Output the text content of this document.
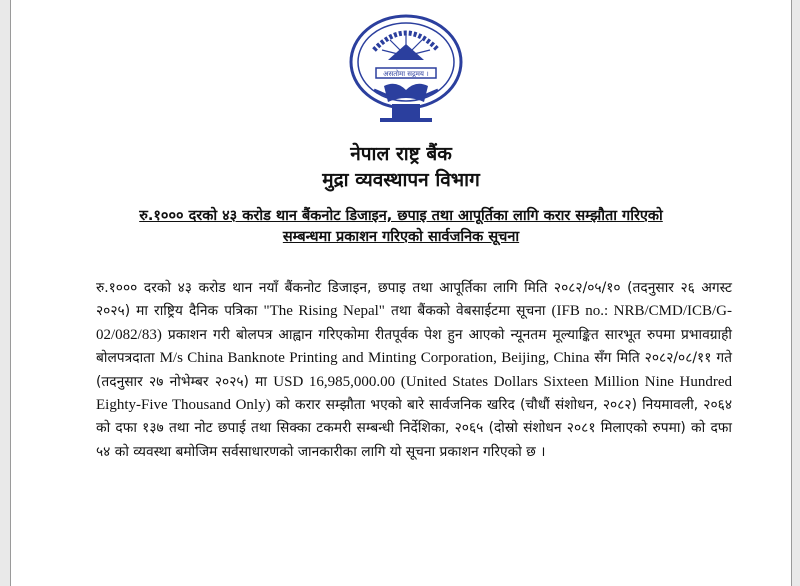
असतोमा सद्गमय ।
नेपाल राष्ट्र बैंक
मुद्रा व्यवस्थापन विभाग
रु.१००० दरको ४३ करोड थान बैंकनोट डिजाइन, छपाइ तथा आपूर्तिका लागि करार सम्झौता गरिएको
सम्बन्धमा प्रकाशन गरिएको सार्वजनिक सूचना
रु.१००० दरको ४३ करोड थान नयाँ बैंकनोट डिजाइन, छपाइ तथा आपूर्तिका लागि मिति २०८२/०५/१० (तदनुसार २६ अगस्ट २०२५) मा राष्ट्रिय दैनिक पत्रिका "The Rising Nepal" तथा बैंकको वेबसाईटमा सूचना (IFB no.: NRB/CMD/ICB/G-02/082/83) प्रकाशन गरी बोलपत्र आह्वान गरिएकोमा रीतपूर्वक पेश हुन आएको न्यूनतम मूल्याङ्कित सारभूत रुपमा प्रभावग्राही बोलपत्रदाता M/s China Banknote Printing and Minting Corporation, Beijing, China सँग मिति २०८२/०८/११ गते (तदनुसार २७ नोभेम्बर २०२५) मा USD 16,985,000.00 (United States Dollars Sixteen Million Nine Hundred Eighty-Five Thousand Only) को करार सम्झौता भएको बारे सार्वजनिक खरिद (चौधौं संशोधन, २०८२) नियमावली, २०६४ को दफा १३७ तथा नोट छपाई तथा सिक्का टकमरी सम्बन्धी निर्देशिका, २०६५ (दोस्रो संशोधन २०८१ मिलाएको रुपमा) को दफा ५४ को व्यवस्था बमोजिम सर्वसाधारणको जानकारीका लागि यो सूचना प्रकाशन गरिएको छ ।
